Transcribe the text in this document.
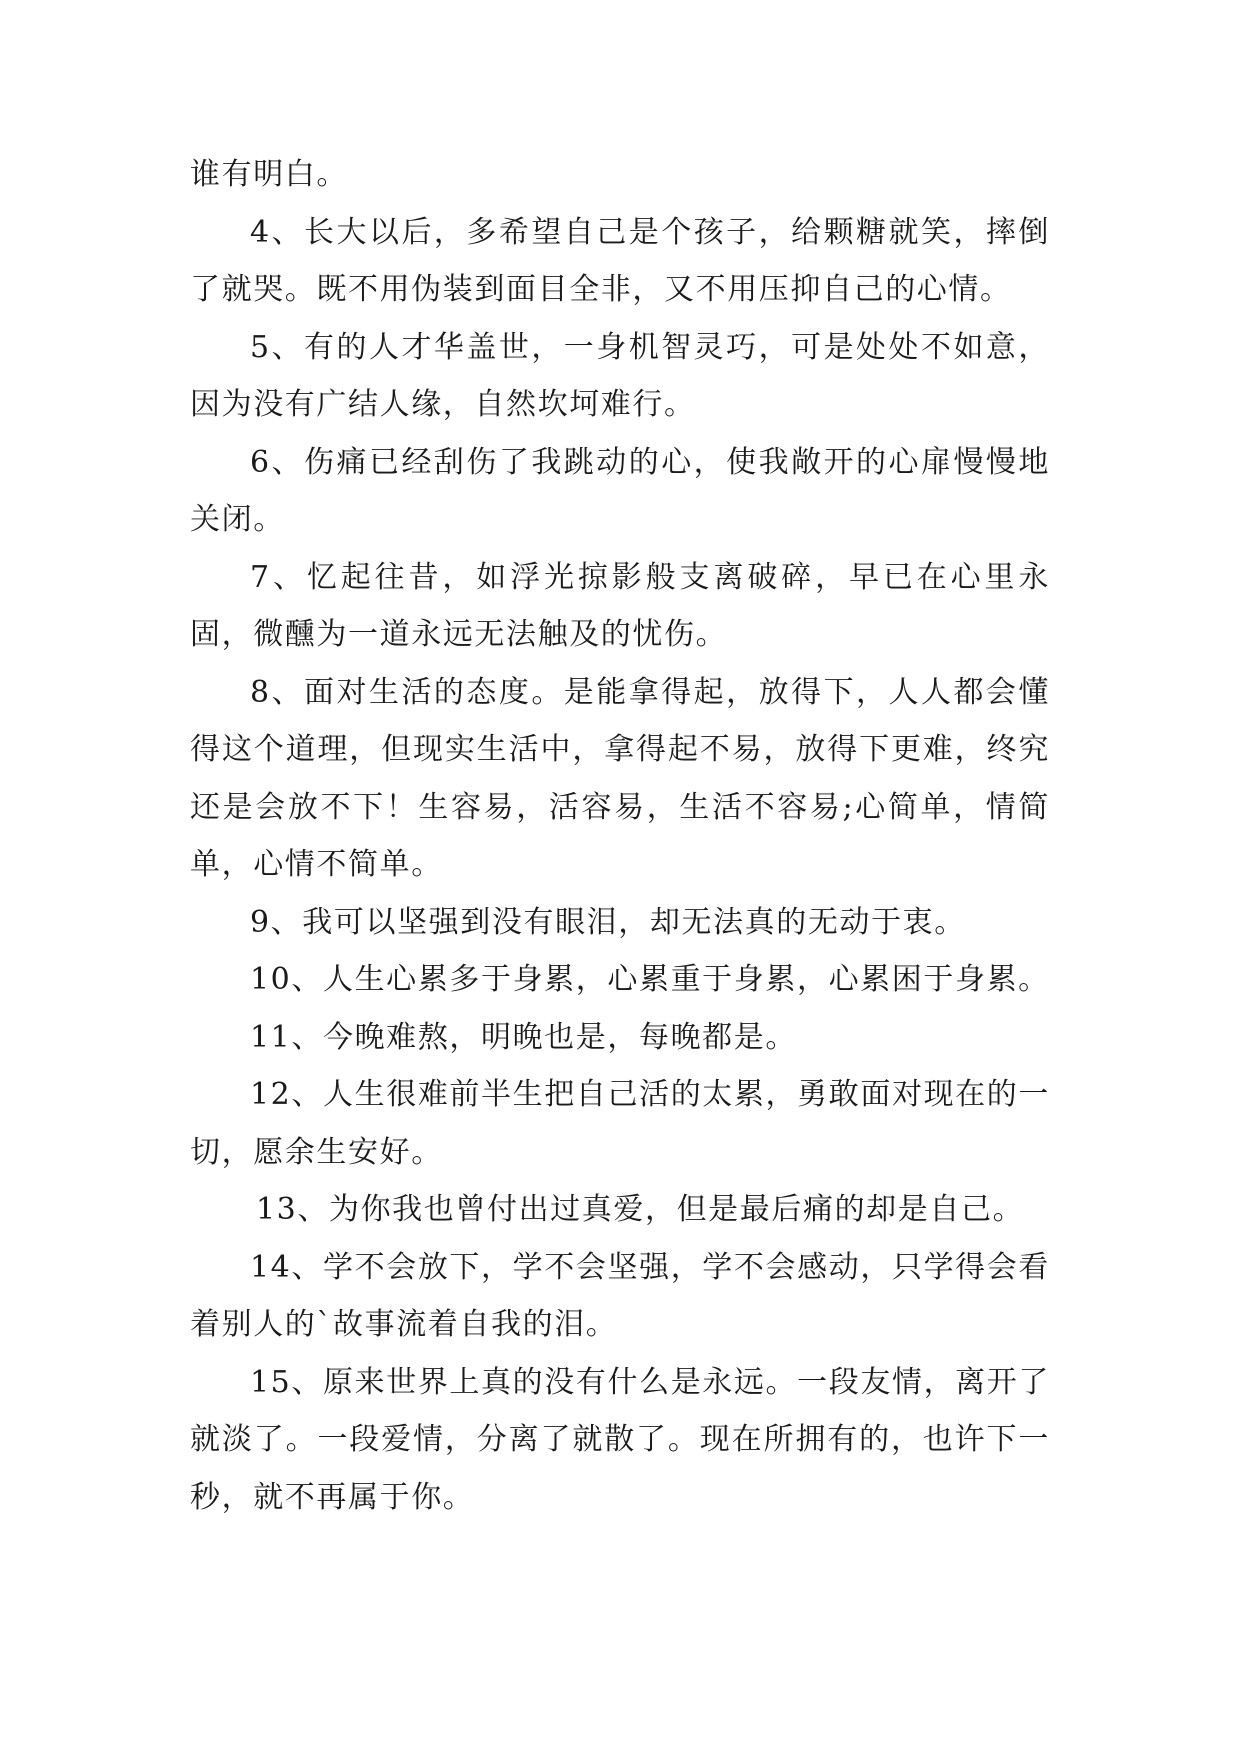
谁有明白。

4、长大以后，多希望自己是个孩子，给颗糖就笑，摔倒了就哭。既不用伪装到面目全非，又不用压抑自己的心情。

5、有的人才华盖世，一身机智灵巧，可是处处不如意，因为没有广结人缘，自然坎坷难行。

6、伤痛已经刮伤了我跳动的心，使我敞开的心扉慢慢地关闭。

7、忆起往昔，如浮光掠影般支离破碎，早已在心里永固，微醺为一道永远无法触及的忧伤。

8、面对生活的态度。是能拿得起，放得下，人人都会懂得这个道理，但现实生活中，拿得起不易，放得下更难，终究还是会放不下！生容易，活容易，生活不容易;心简单，情简单，心情不简单。

9、我可以坚强到没有眼泪，却无法真的无动于衷。

10、人生心累多于身累，心累重于身累，心累困于身累。

11、今晚难熬，明晚也是，每晚都是。

12、人生很难前半生把自己活的太累，勇敢面对现在的一切，愿余生安好。

13、为你我也曾付出过真爱，但是最后痛的却是自己。

14、学不会放下，学不会坚强，学不会感动，只学得会看着别人的`故事流着自我的泪。

15、原来世界上真的没有什么是永远。一段友情，离开了就淡了。一段爱情，分离了就散了。现在所拥有的，也许下一秒，就不再属于你。
